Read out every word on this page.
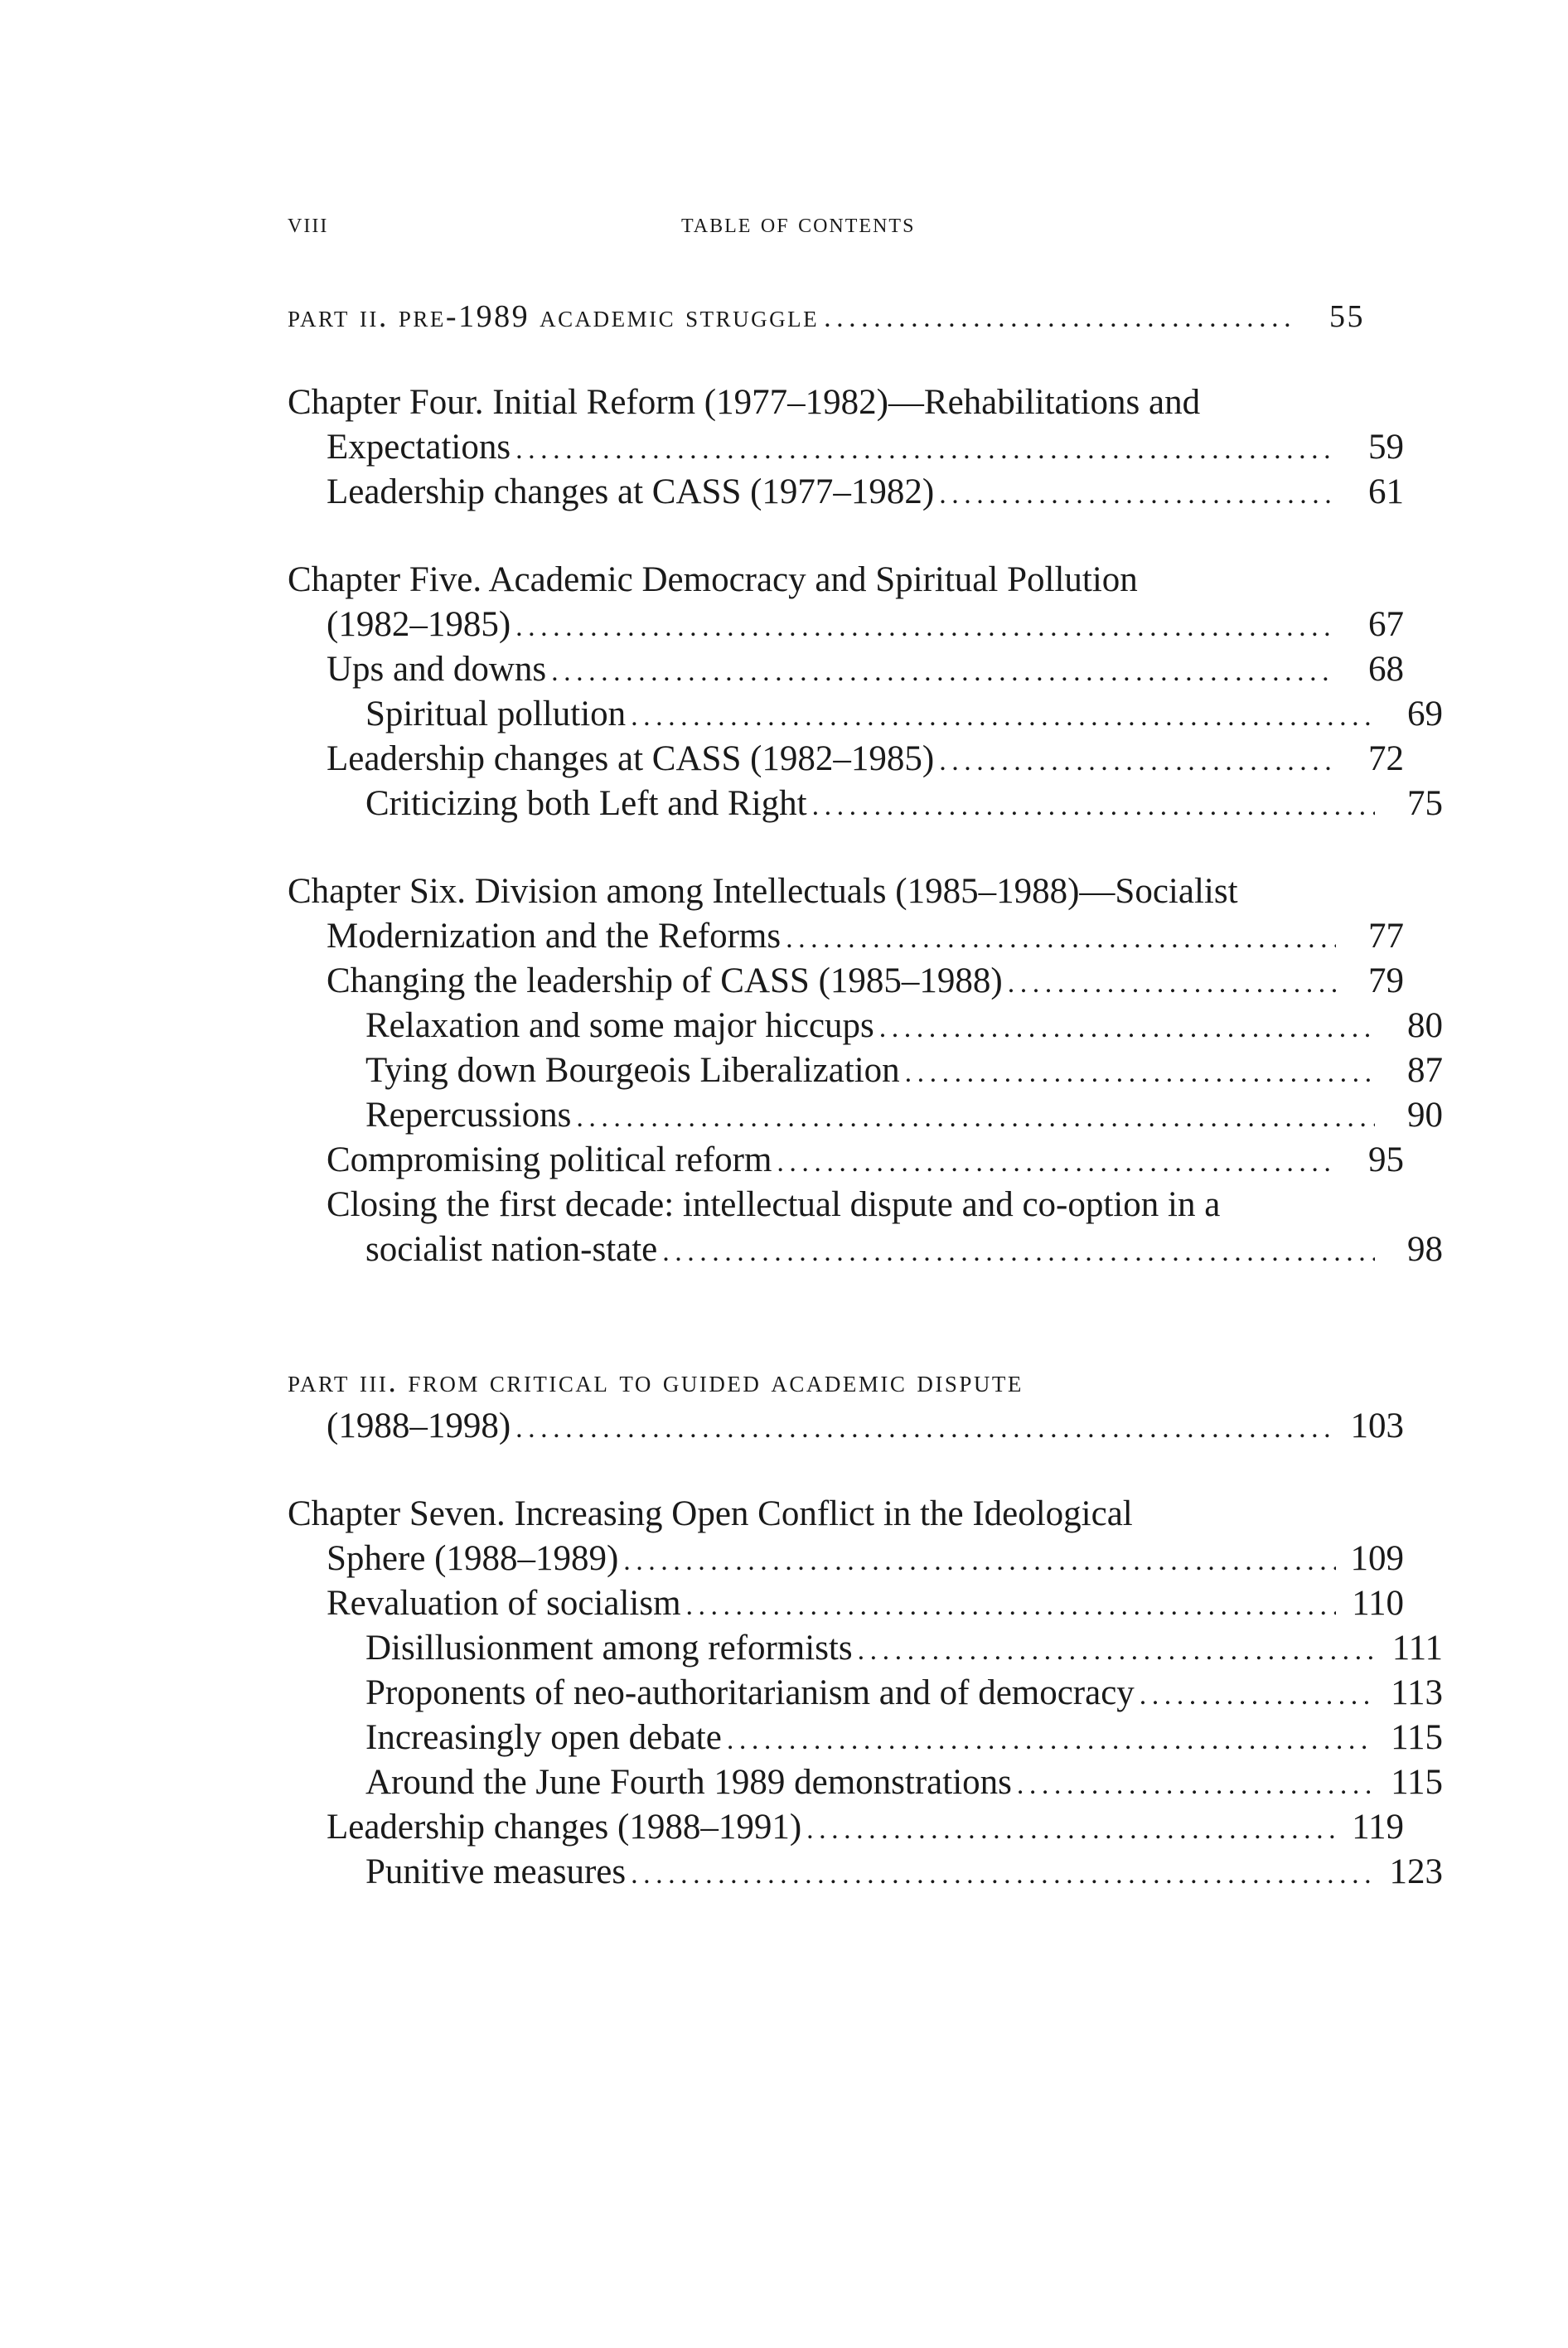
viii	table of contents
part ii. pre-1989 academic struggle . . .	55
Chapter Four. Initial Reform (1977–1982)—Rehabilitations and
Expectations . . .	59
Leadership changes at CASS (1977–1982) . . .	61
Chapter Five. Academic Democracy and Spiritual Pollution
(1982–1985) . . .	67
Ups and downs . . .	68
Spiritual pollution . . .	69
Leadership changes at CASS (1982–1985) . . .	72
Criticizing both Left and Right . . .	75
Chapter Six. Division among Intellectuals (1985–1988)—Socialist
Modernization and the Reforms . . .	77
Changing the leadership of CASS (1985–1988) . . .	79
Relaxation and some major hiccups . . .	80
Tying down Bourgeois Liberalization . . .	87
Repercussions . . .	90
Compromising political reform . . .	95
Closing the first decade: intellectual dispute and co-option in a
socialist nation-state . . .	98
part iii. from critical to guided academic dispute
(1988–1998) . . .	103
Chapter Seven. Increasing Open Conflict in the Ideological
Sphere (1988–1989) . . .	109
Revaluation of socialism . . .	110
Disillusionment among reformists . . .	111
Proponents of neo-authoritarianism and of democracy . . .	113
Increasingly open debate . . .	115
Around the June Fourth 1989 demonstrations . . .	115
Leadership changes (1988–1991) . . .	119
Punitive measures . . .	123
